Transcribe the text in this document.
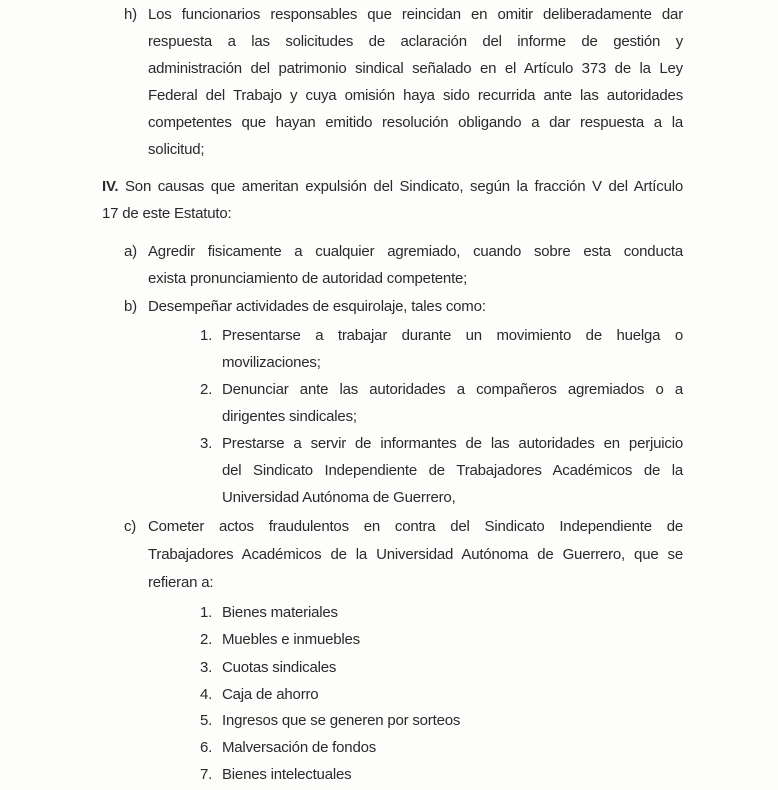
h) Los funcionarios responsables que reincidan en omitir deliberadamente dar
respuesta a las solicitudes de aclaración del informe de gestión y
administración del patrimonio sindical señalado en el Artículo 373 de la Ley
Federal del Trabajo y cuya omisión haya sido recurrida ante las autoridades
competentes que hayan emitido resolución obligando a dar respuesta a la
solicitud;
IV. Son causas que ameritan expulsión del Sindicato, según la fracción V del Artículo
17 de este Estatuto:
a) Agredir fisicamente a cualquier agremiado, cuando sobre esta conducta
exista pronunciamiento de autoridad competente;
b) Desempeñar actividades de esquirolaje, tales como:
1. Presentarse a trabajar durante un movimiento de huelga o
movilizaciones;
2. Denunciar ante las autoridades a compañeros agremiados o a
dirigentes sindicales;
3. Prestarse a servir de informantes de las autoridades en perjuicio
del Sindicato Independiente de Trabajadores Académicos de la
Universidad Autónoma de Guerrero,
c) Cometer actos fraudulentos en contra del Sindicato Independiente de
Trabajadores Académicos de la Universidad Autónoma de Guerrero, que se
refieran a:
1. Bienes materiales
2. Muebles e inmuebles
3. Cuotas sindicales
4. Caja de ahorro
5. Ingresos que se generen por sorteos
6. Malversación de fondos
7. Bienes intelectuales
